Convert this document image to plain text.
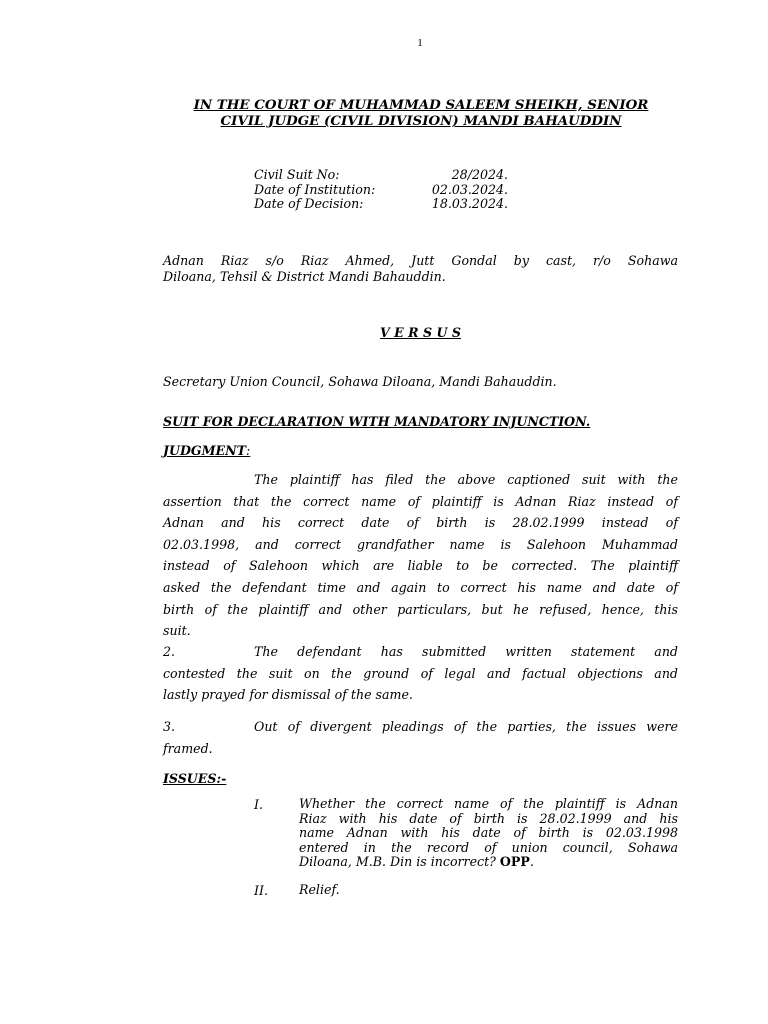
1
IN THE COURT OF MUHAMMAD SALEEM SHEIKH, SENIOR
CIVIL JUDGE (CIVIL DIVISION) MANDI BAHAUDDIN
Civil Suit No:	28/2024.
Date of Institution:	02.03.2024.
Date of Decision:	18.03.2024.
Adnan Riaz s/o Riaz Ahmed, Jutt Gondal by cast, r/o Sohawa
Diloana, Tehsil & District Mandi Bahauddin.
V E R S U S
Secretary Union Council, Sohawa Diloana, Mandi Bahauddin.
SUIT FOR DECLARATION WITH MANDATORY INJUNCTION.
JUDGMENT:
The plaintiff has filed the above captioned suit with the
assertion that the correct name of plaintiff is Adnan Riaz instead of
Adnan and his correct date of birth is 28.02.1999 instead of
02.03.1998, and correct grandfather name is Salehoon Muhammad
instead of Salehoon which are liable to be corrected. The plaintiff
asked the defendant time and again to correct his name and date of
birth of the plaintiff and other particulars, but he refused, hence, this
suit.
2.	The defendant has submitted written statement and
contested the suit on the ground of legal and factual objections and
lastly prayed for dismissal of the same.
3.	Out of divergent pleadings of the parties, the issues were
framed.
ISSUES:-
I.	Whether the correct name of the plaintiff is Adnan
Riaz with his date of birth is 28.02.1999 and his
name Adnan with his date of birth is 02.03.1998
entered in the record of union council, Sohawa
Diloana, M.B. Din is incorrect? OPP.
II. Relief.
